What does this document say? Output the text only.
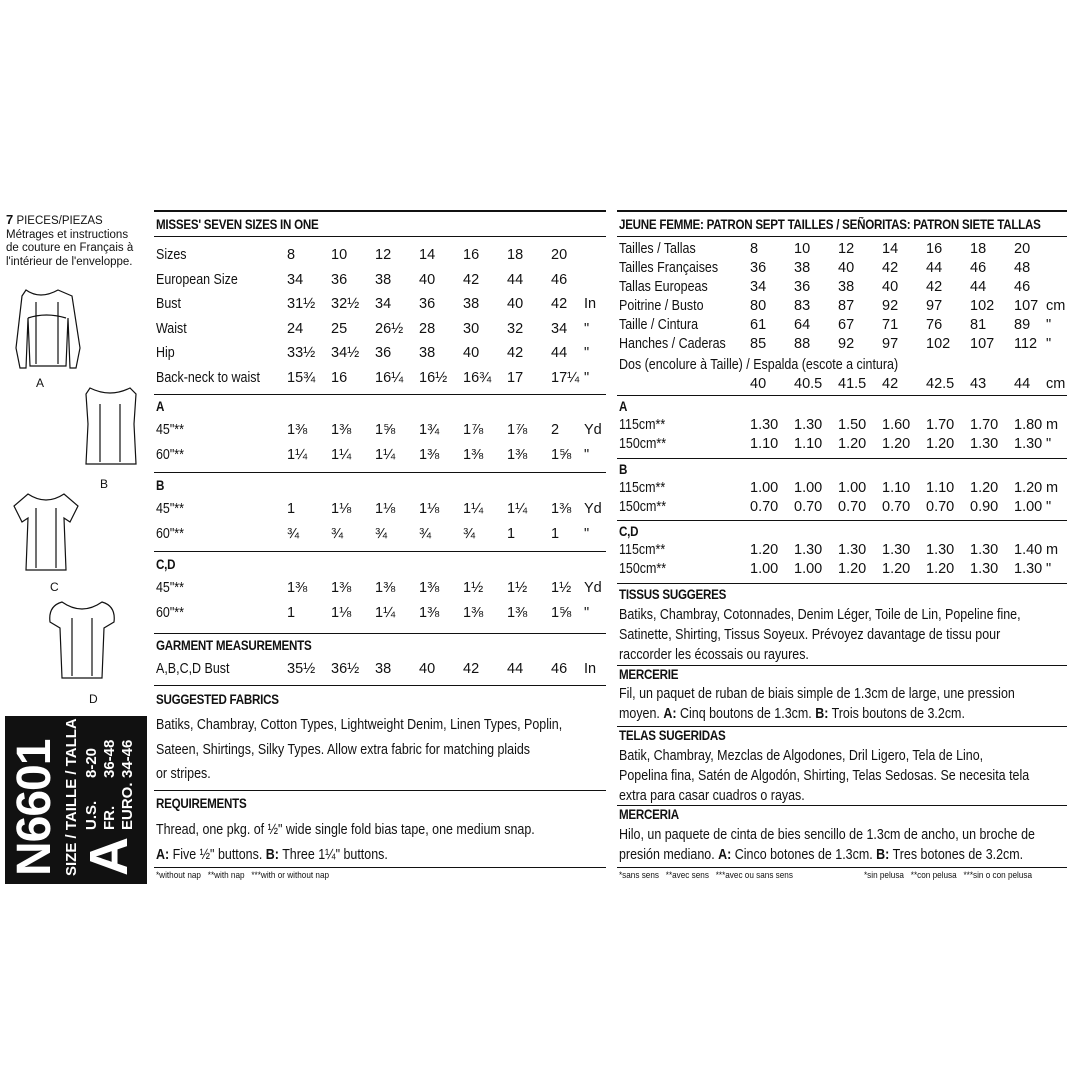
7 PIECES/PIEZAS
Métrages et instructions
de couture en Français à
l'intérieur de l'enveloppe.
A
B
C
D
N6601 SIZE / TAILLE / TALLA A
U.S.8-20
FR.36-48
EURO.34-46
MISSES' SEVEN SIZES IN ONE
Sizes	8 10 12 14 16 18 20
European Size	34 36 38 40 42 44 46
Bust	31½ 32½ 34 36 38 40 42 In
Waist	24 25 26½ 28 30 32 34 "
Hip	33½ 34½ 36 38 40 42 44 "
Back-neck to waist 15¾ 16 16¼ 16½ 16¾ 17 17¼ "
A
45"**	1⅜ 1⅜ 1⅝ 1¾ 1⅞ 1⅞ 2 Yd
60"**	1¼ 1¼ 1¼ 1⅜ 1⅜ 1⅜ 1⅝ "
B
45"**	1 1⅛ 1⅛ 1⅛ 1¼ 1¼ 1⅜ Yd
60"**	¾ ¾ ¾ ¾ ¾ 1 1 "
C,D
45"**	1⅜ 1⅜ 1⅜ 1⅜ 1½ 1½ 1½ Yd
60"**	1 1⅛ 1¼ 1⅜ 1⅜ 1⅜ 1⅝ "
GARMENT MEASUREMENTS
A,B,C,D Bust	35½ 36½ 38 40 42 44 46 In
SUGGESTED FABRICS
Batiks, Chambray, Cotton Types, Lightweight Denim, Linen Types, Poplin,
Sateen, Shirtings, Silky Types. Allow extra fabric for matching plaids
or stripes.
REQUIREMENTS
Thread, one pkg. of ½" wide single fold bias tape, one medium snap.
A: Five ½" buttons. B: Three 1¼" buttons.
*without nap   **with nap   ***with or without nap
JEUNE FEMME: PATRON SEPT TAILLES / SEÑORITAS: PATRON SIETE TALLAS
Tailles / Tallas	8 10 12 14 16 18 20
Tailles Françaises 36 38 40 42 44 46 48
Tallas Europeas	34 36 38 40 42 44 46
Poitrine / Busto	80 83 87 92 97 102 107 cm
Taille / Cintura	61 64 67 71 76 81 89 "
Hanches / Caderas 85 88 92 97 102 107 112 "
Dos (encolure à Taille) / Espalda (escote a cintura)
40 40.5 41.5 42 42.5 43 44 cm
A
115cm**	1.30 1.30 1.50 1.60 1.70 1.70 1.80 m
150cm**	1.10 1.10 1.20 1.20 1.20 1.30 1.30 "
B
115cm**	1.00 1.00 1.00 1.10 1.10 1.20 1.20 m
150cm**	0.70 0.70 0.70 0.70 0.70 0.90 1.00 "
C,D
115cm**	1.20 1.30 1.30 1.30 1.30 1.30 1.40 m
150cm**	1.00 1.00 1.20 1.20 1.20 1.30 1.30 "
TISSUS SUGGERES
Batiks, Chambray, Cotonnades, Denim Léger, Toile de Lin, Popeline fine,
Satinette, Shirting, Tissus Soyeux. Prévoyez davantage de tissu pour
raccorder les écossais ou rayures.
MERCERIE
Fil, un paquet de ruban de biais simple de 1.3cm de large, une pression
moyen. A: Cinq boutons de 1.3cm. B: Trois boutons de 3.2cm.
TELAS SUGERIDAS
Batik, Chambray, Mezclas de Algodones, Dril Ligero, Tela de Lino,
Popelina fina, Satén de Algodón, Shirting, Telas Sedosas. Se necesita tela
extra para casar cuadros o rayas.
MERCERIA
Hilo, un paquete de cinta de bies sencillo de 1.3cm de ancho, un broche de
presión mediano. A: Cinco botones de 1.3cm. B: Tres botones de 3.2cm.
*sans sens   **avec sens   ***avec ou sans sens	*sin pelusa   **con pelusa   ***sin o con pelusa
